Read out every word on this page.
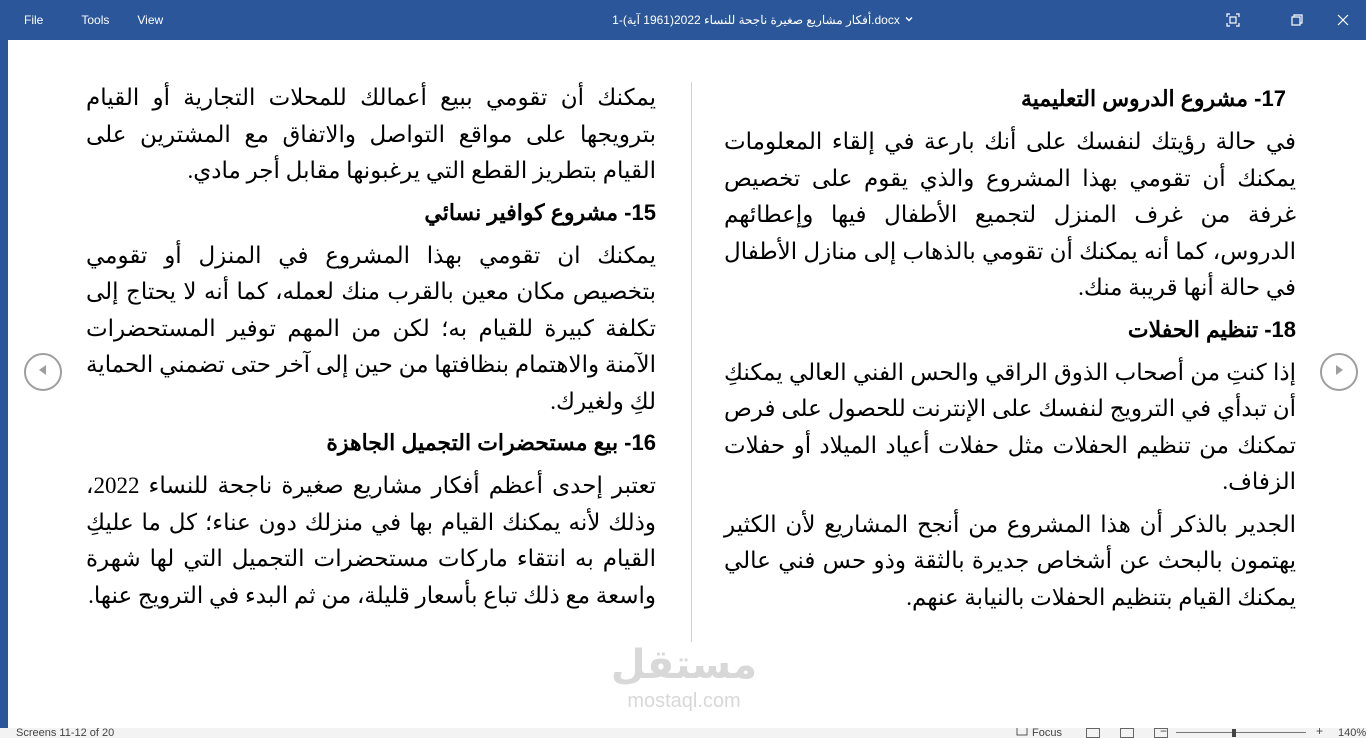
File	Tools	View	أفكار مشاريع صغيرة ناجحة للنساء 2022(1961 آية)-1.docx
17- مشروع الدروس التعليمية

في حالة رؤيتك لنفسك على أنك بارعة في إلقاء المعلومات يمكنك أن تقومي بهذا المشروع والذي يقوم على تخصيص غرفة من غرف المنزل لتجميع الأطفال فيها وإعطائهم الدروس، كما أنه يمكنك أن تقومي بالذهاب إلى منازل الأطفال في حالة أنها قريبة منك.

18- تنظيم الحفلات

إذا كنتِ من أصحاب الذوق الراقي والحس الفني العالي يمكنكِ أن تبدأي في الترويج لنفسك على الإنترنت للحصول على فرص تمكنك من تنظيم الحفلات مثل حفلات أعياد الميلاد أو حفلات الزفاف.

الجدير بالذكر أن هذا المشروع من أنجح المشاريع لأن الكثير يهتمون بالبحث عن أشخاص جديرة بالثقة وذو حس فني عالي يمكنك القيام بتنظيم الحفلات بالنيابة عنهم.

يمكنك أن تقومي ببيع أعمالك للمحلات التجارية أو القيام بترويجها على مواقع التواصل والاتفاق مع المشترين على القيام بتطريز القطع التي يرغبونها مقابل أجر مادي.

15- مشروع كوافير نسائي

يمكنك ان تقومي بهذا المشروع في المنزل أو تقومي بتخصيص مكان معين بالقرب منك لعمله، كما أنه لا يحتاج إلى تكلفة كبيرة للقيام به؛ لكن من المهم توفير المستحضرات الآمنة والاهتمام بنظافتها من حين إلى آخر حتى تضمني الحماية لكِ ولغيرك.

16- بيع مستحضرات التجميل الجاهزة

تعتبر إحدى أعظم أفكار مشاريع صغيرة ناجحة للنساء 2022، وذلك لأنه يمكنك القيام بها في منزلك دون عناء؛ كل ما عليكِ القيام به انتقاء ماركات مستحضرات التجميل التي لها شهرة واسعة مع ذلك تباع بأسعار قليلة، من ثم البدء في الترويج عنها.

مستقل
mostaql.com
Screens 11-12 of 20	Focus	−	+ 140%
